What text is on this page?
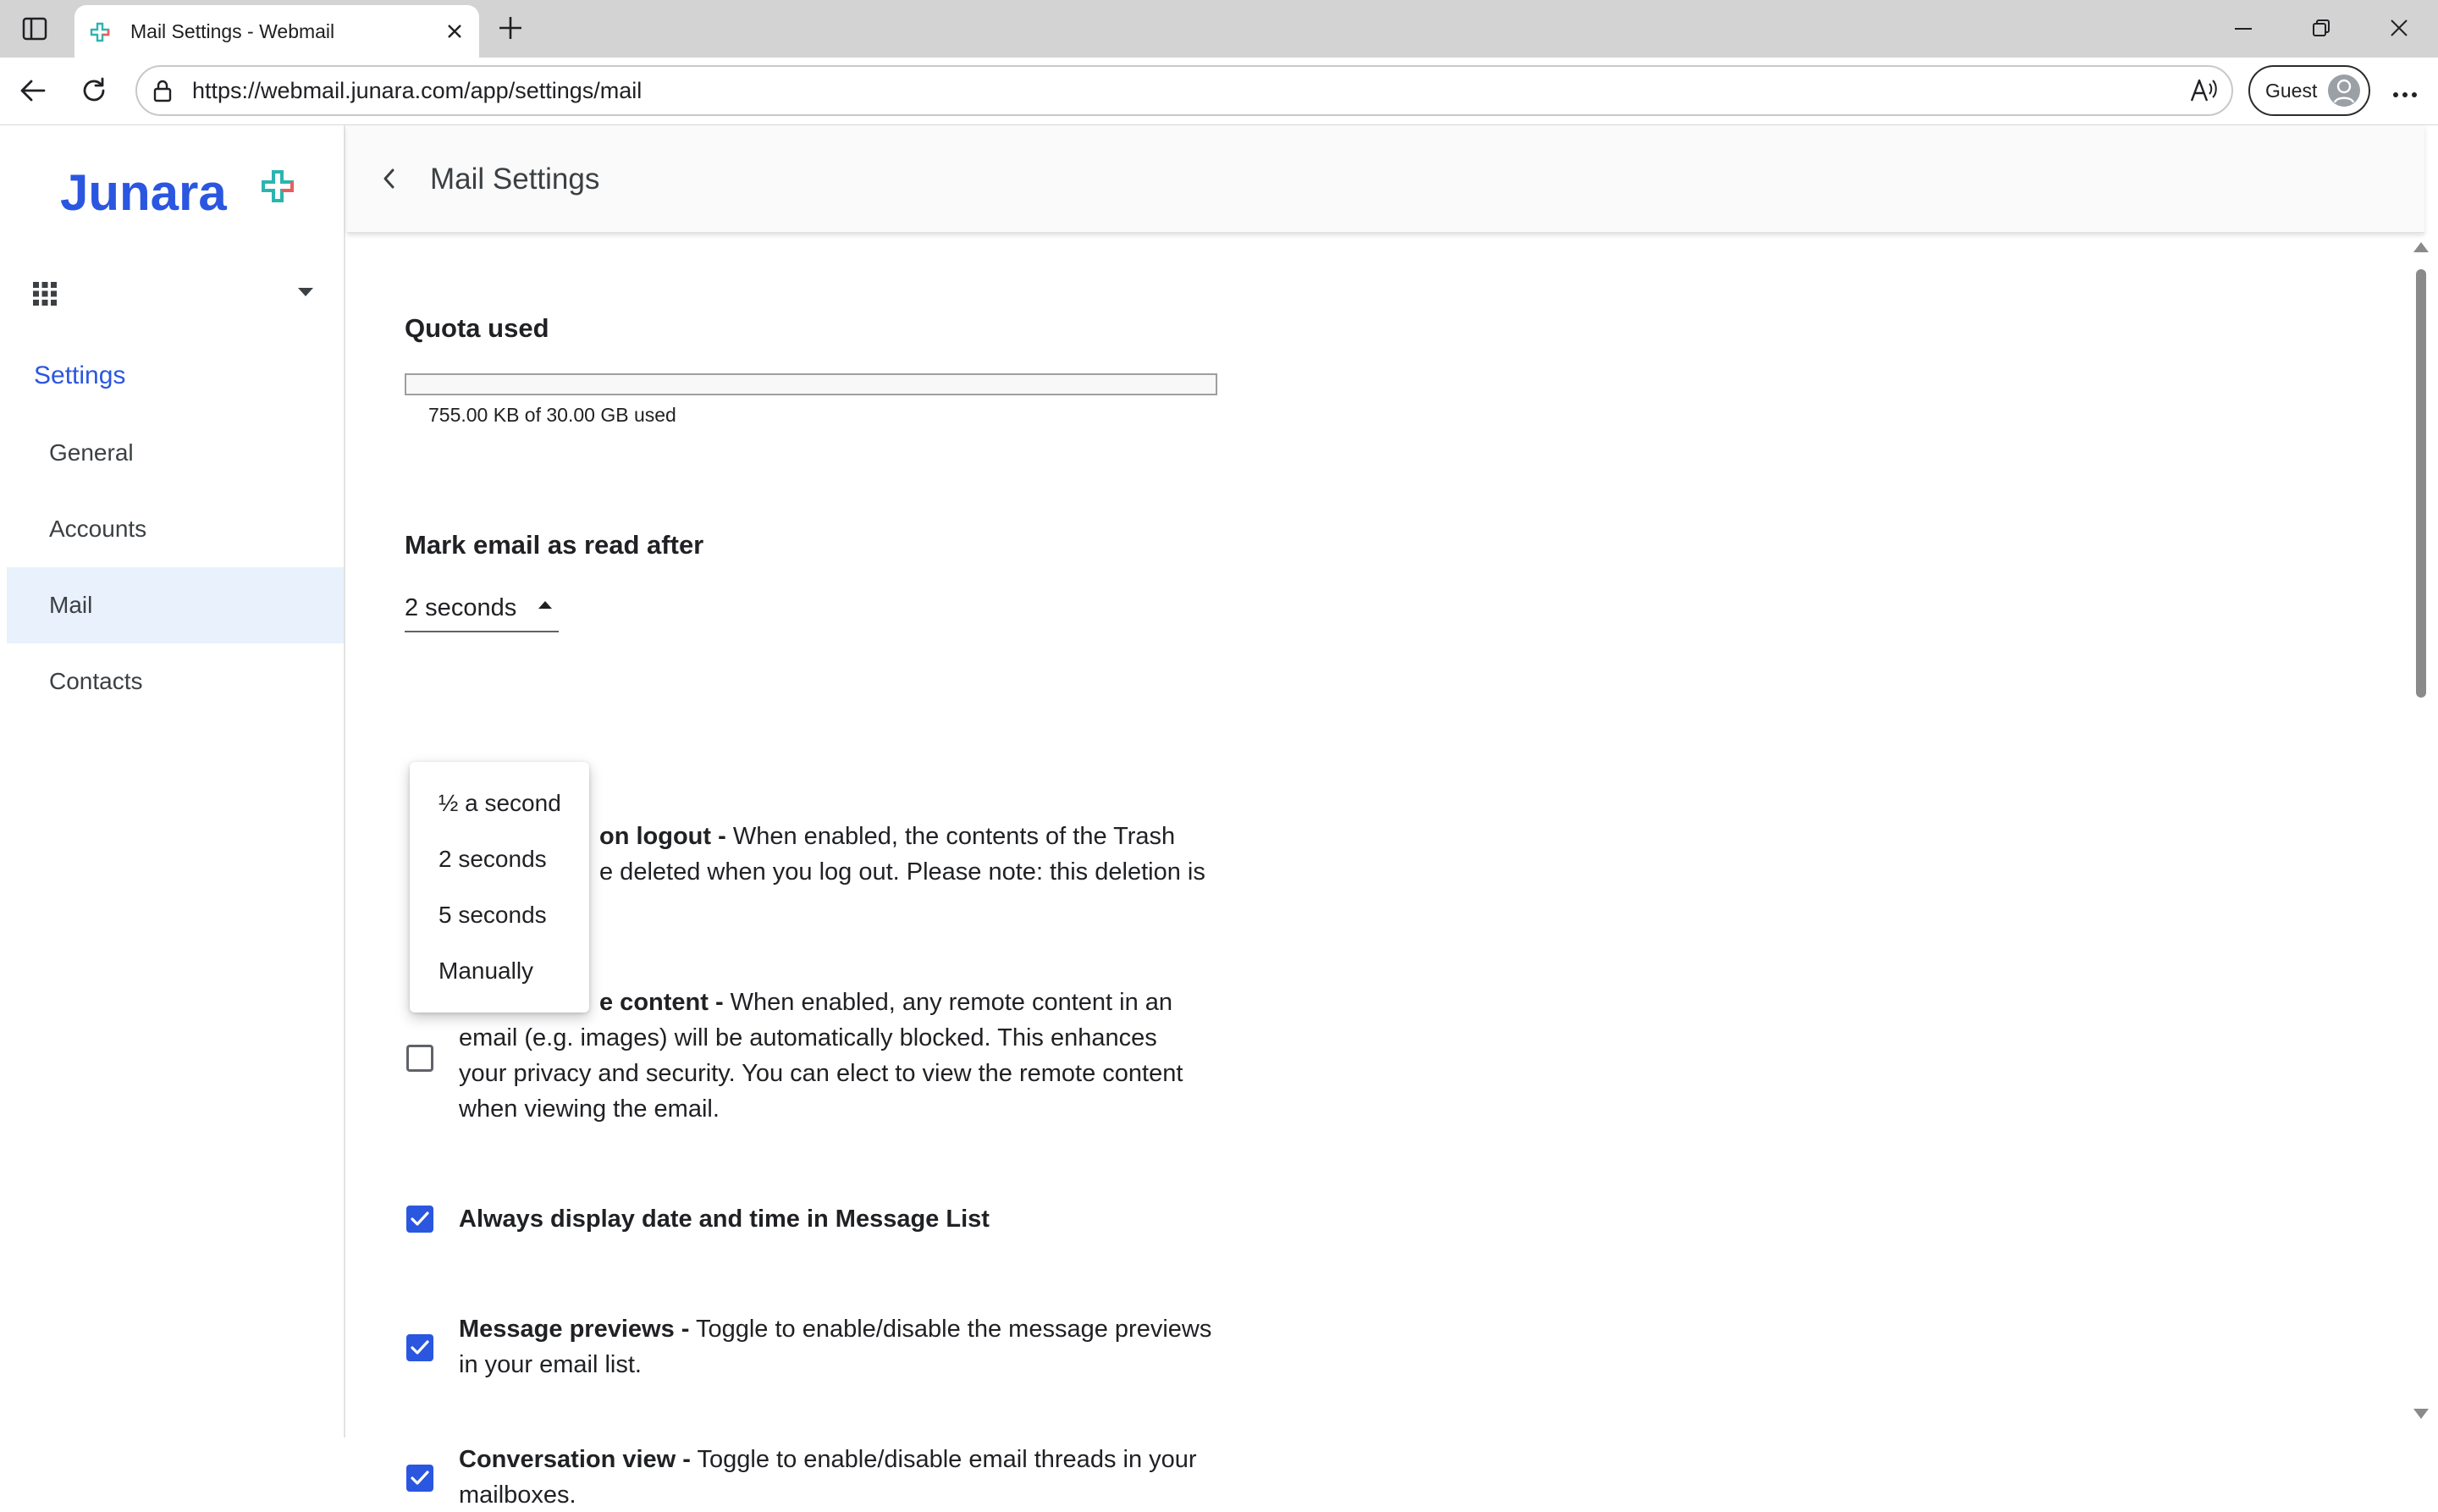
Mail Settings - Webmail
https://webmail.junara.com/app/settings/mail	Guest
Junara
Settings
General
Accounts
Mail
Contacts
Mail Settings
Quota used
755.00 KB of 30.00 GB used
Mark email as read after
2 seconds
on logout - When enabled, the contents of the Trash
e deleted when you log out. Please note: this deletion is
e content - When enabled, any remote content in an
email (e.g. images) will be automatically blocked. This enhances
your privacy and security. You can elect to view the remote content
when viewing the email.
Always display date and time in Message List
Message previews - Toggle to enable/disable the message previews
in your email list.
Conversation view - Toggle to enable/disable email threads in your
mailboxes.
½ a second
2 seconds
5 seconds
Manually
